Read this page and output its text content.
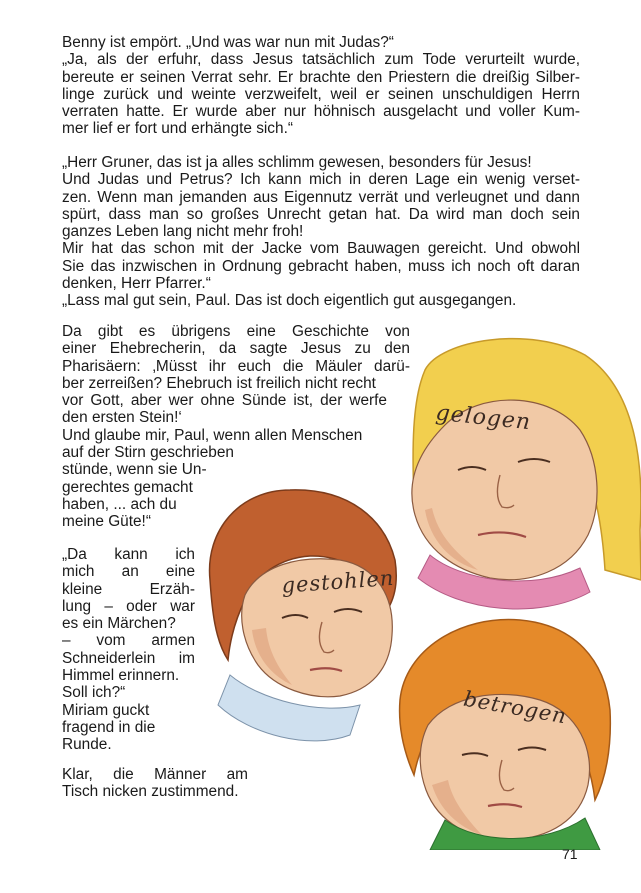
Benny ist empört. „Und was war nun mit Judas?“
„Ja, als der erfuhr, dass Jesus tatsächlich zum Tode verurteilt wurde,
bereute er seinen Verrat sehr. Er brachte den Priestern die dreißig Silber-
linge zurück und weinte verzweifelt, weil er seinen unschuldigen Herrn
verraten hatte. Er wurde aber nur höhnisch ausgelacht und voller Kum-
mer lief er fort und erhängte sich.“
„Herr Gruner, das ist ja alles schlimm gewesen, besonders für Jesus!
Und Judas und Petrus? Ich kann mich in deren Lage ein wenig verset-
zen. Wenn man jemanden aus Eigennutz verrät und verleugnet und dann
spürt, dass man so großes Unrecht getan hat. Da wird man doch sein
ganzes Leben lang nicht mehr froh!
Mir hat das schon mit der Jacke vom Bauwagen gereicht. Und obwohl
Sie das inzwischen in Ordnung gebracht haben, muss ich noch oft daran
denken, Herr Pfarrer.“
„Lass mal gut sein, Paul. Das ist doch eigentlich gut ausgegangen.
Da gibt es übrigens eine Geschichte von
einer Ehebrecherin, da sagte Jesus zu den
Pharisäern: ‚Müsst ihr euch die Mäuler darü-
ber zerreißen? Ehebruch ist freilich nicht recht
vor Gott, aber wer ohne Sünde ist, der werfe
den ersten Stein!‘
Und glaube mir, Paul, wenn allen Menschen
auf der Stirn geschrieben
stünde, wenn sie Un-
gerechtes gemacht
haben, ... ach du
meine Güte!“
„Da kann ich
mich an eine
kleine Erzäh-
lung – oder war
es ein Märchen?
– vom armen
Schneiderlein im
Himmel erinnern.
Soll ich?“
Miriam guckt
fragend in die
Runde.
Klar, die Männer am
Tisch nicken zustimmend.
gelogen
gestohlen
betrogen
71
